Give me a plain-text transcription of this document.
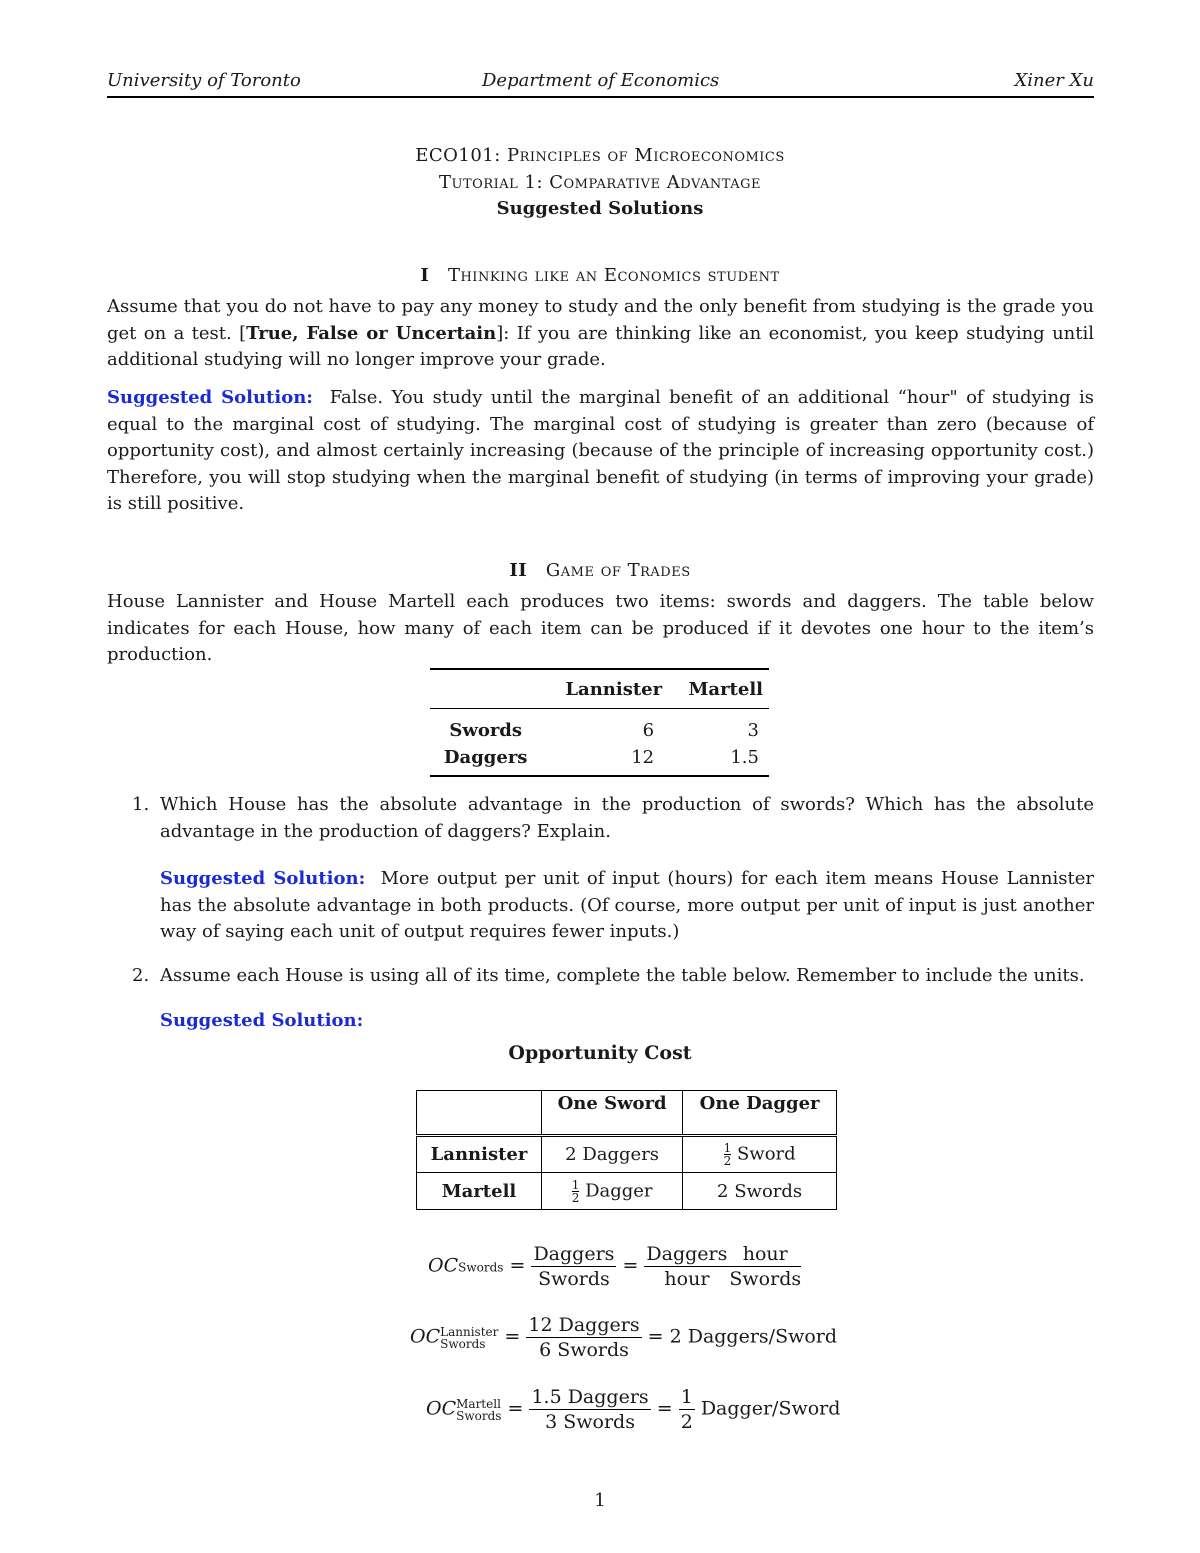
University of Toronto	Department of Economics	Xiner Xu
ECO101: Principles of Microeconomics
Tutorial 1: Comparative Advantage
Suggested Solutions
I Thinking like an Economics student
Assume that you do not have to pay any money to study and the only benefit from studying is the grade you get on a test. [True, False or Uncertain]: If you are thinking like an economist, you keep studying until additional studying will no longer improve your grade.
Suggested Solution: False. You study until the marginal benefit of an additional “hour" of studying is equal to the marginal cost of studying. The marginal cost of studying is greater than zero (because of opportunity cost), and almost certainly increasing (because of the principle of increasing opportunity cost.) Therefore, you will stop studying when the marginal benefit of studying (in terms of improving your grade) is still positive.
II Game of Trades
House Lannister and House Martell each produces two items: swords and daggers. The table below indicates for each House, how many of each item can be produced if it devotes one hour to the item’s production.
	Lannister	Martell
Swords	6	3
Daggers	12	1.5
1. Which House has the absolute advantage in the production of swords? Which has the absolute advantage in the production of daggers? Explain.
Suggested Solution: More output per unit of input (hours) for each item means House Lannister has the absolute advantage in both products. (Of course, more output per unit of input is just another way of saying each unit of output requires fewer inputs.)
2. Assume each House is using all of its time, complete the table below. Remember to include the units.
Suggested Solution:
Opportunity Cost
	One Sword	One Dagger
Lannister	2 Daggers	$\frac{1}{2}$ Sword
Martell	$\frac{1}{2}$ Dagger	2 Swords
OCSwords = $\frac{\text{Daggers}}{\text{Swords}} = \frac{\text{Daggers}}{\text{hour}} \frac{\text{hour}}{\text{Swords}}$
OC Lannister
Swords	= $\frac{\text{12 Daggers}}{\text{6 Swords}} = 2$ Daggers/Sword
OC Martell
Swords = $\frac{\text{1.5 Daggers}}{\text{3 Swords}} = \frac{1}{2}$ Dagger/Sword
1
